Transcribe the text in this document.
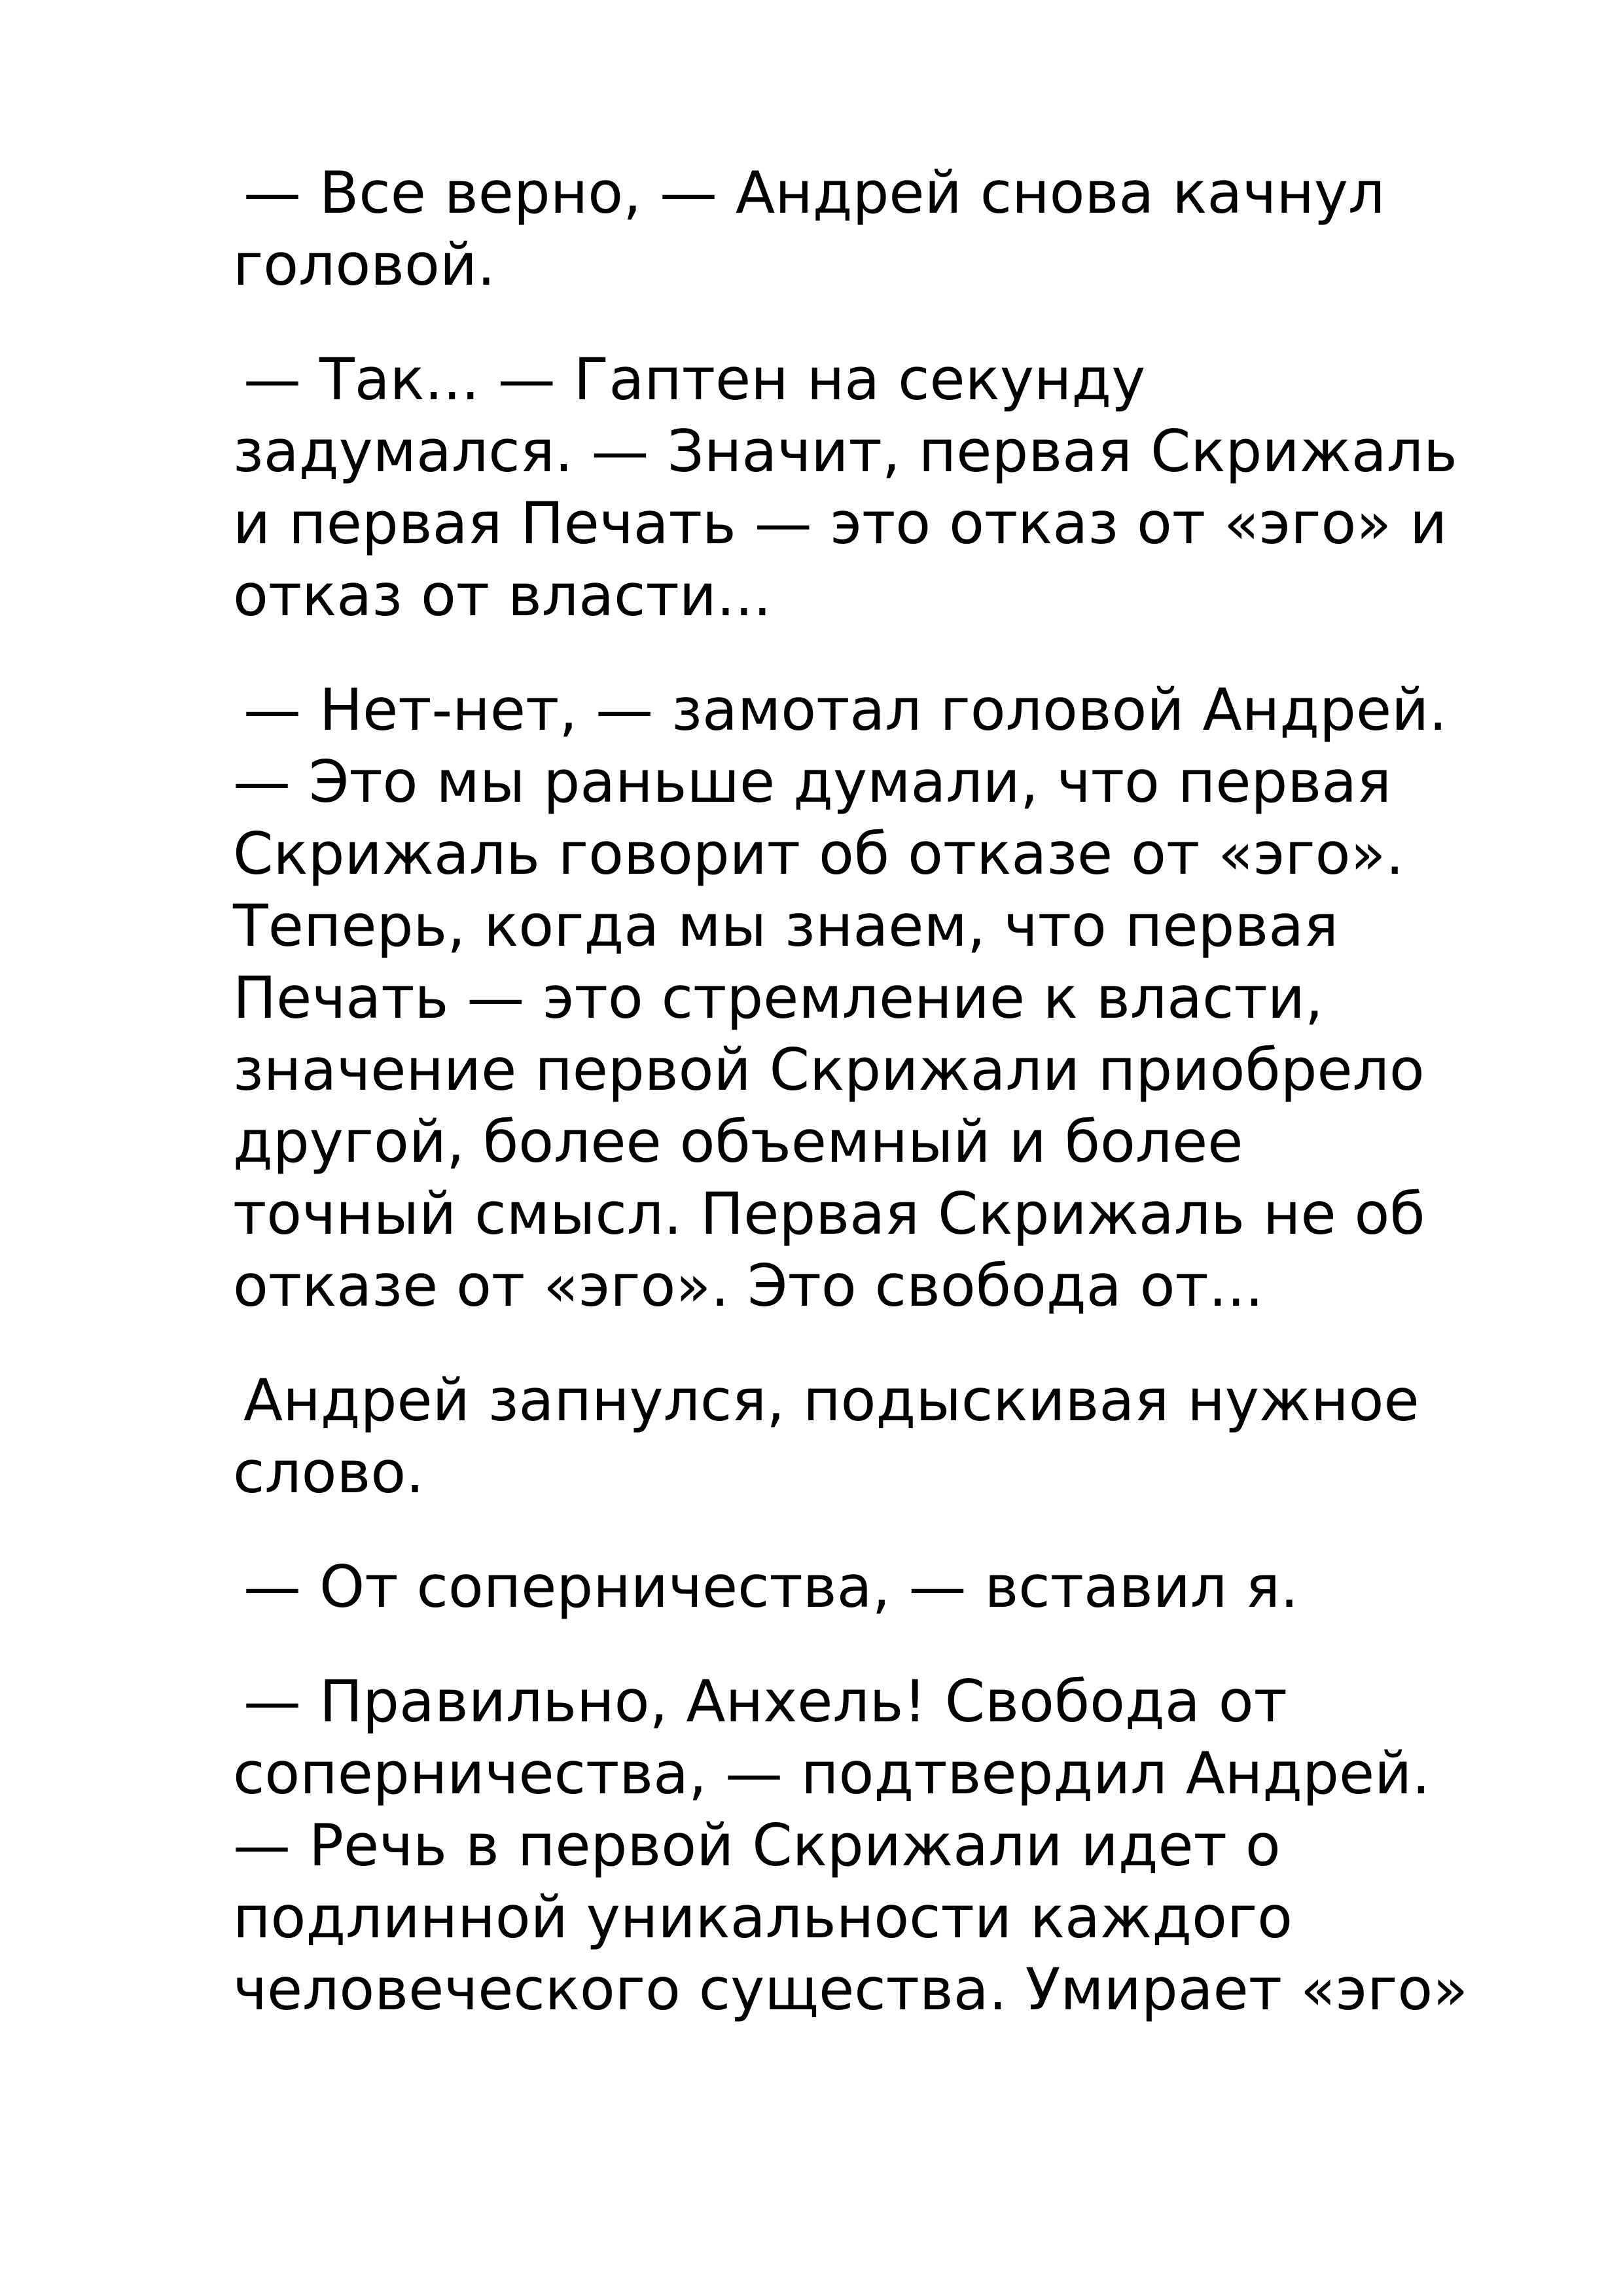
— Все верно, — Андрей снова качнул

головой.

— Так... — Гаптен на секунду

задумался. — Значит, первая Скрижаль

и первая Печать — это отказ от «эго» и

отказ от власти...

— Нет-нет, — замотал головой Андрей.

— Это мы раньше думали, что первая

Скрижаль говорит об отказе от «эго».

Теперь, когда мы знаем, что первая

Печать — это стремление к власти,

значение первой Скрижали приобрело

другой, более объемный и более

точный смысл. Первая Скрижаль не об

отказе от «эго». Это свобода от...

Андрей запнулся, подыскивая нужное

слово.

— От соперничества, — вставил я.

— Правильно, Анхель! Свобода от

соперничества, — подтвердил Андрей.

— Речь в первой Скрижали идет о

подлинной уникальности каждого

человеческого существа. Умирает «эго»
